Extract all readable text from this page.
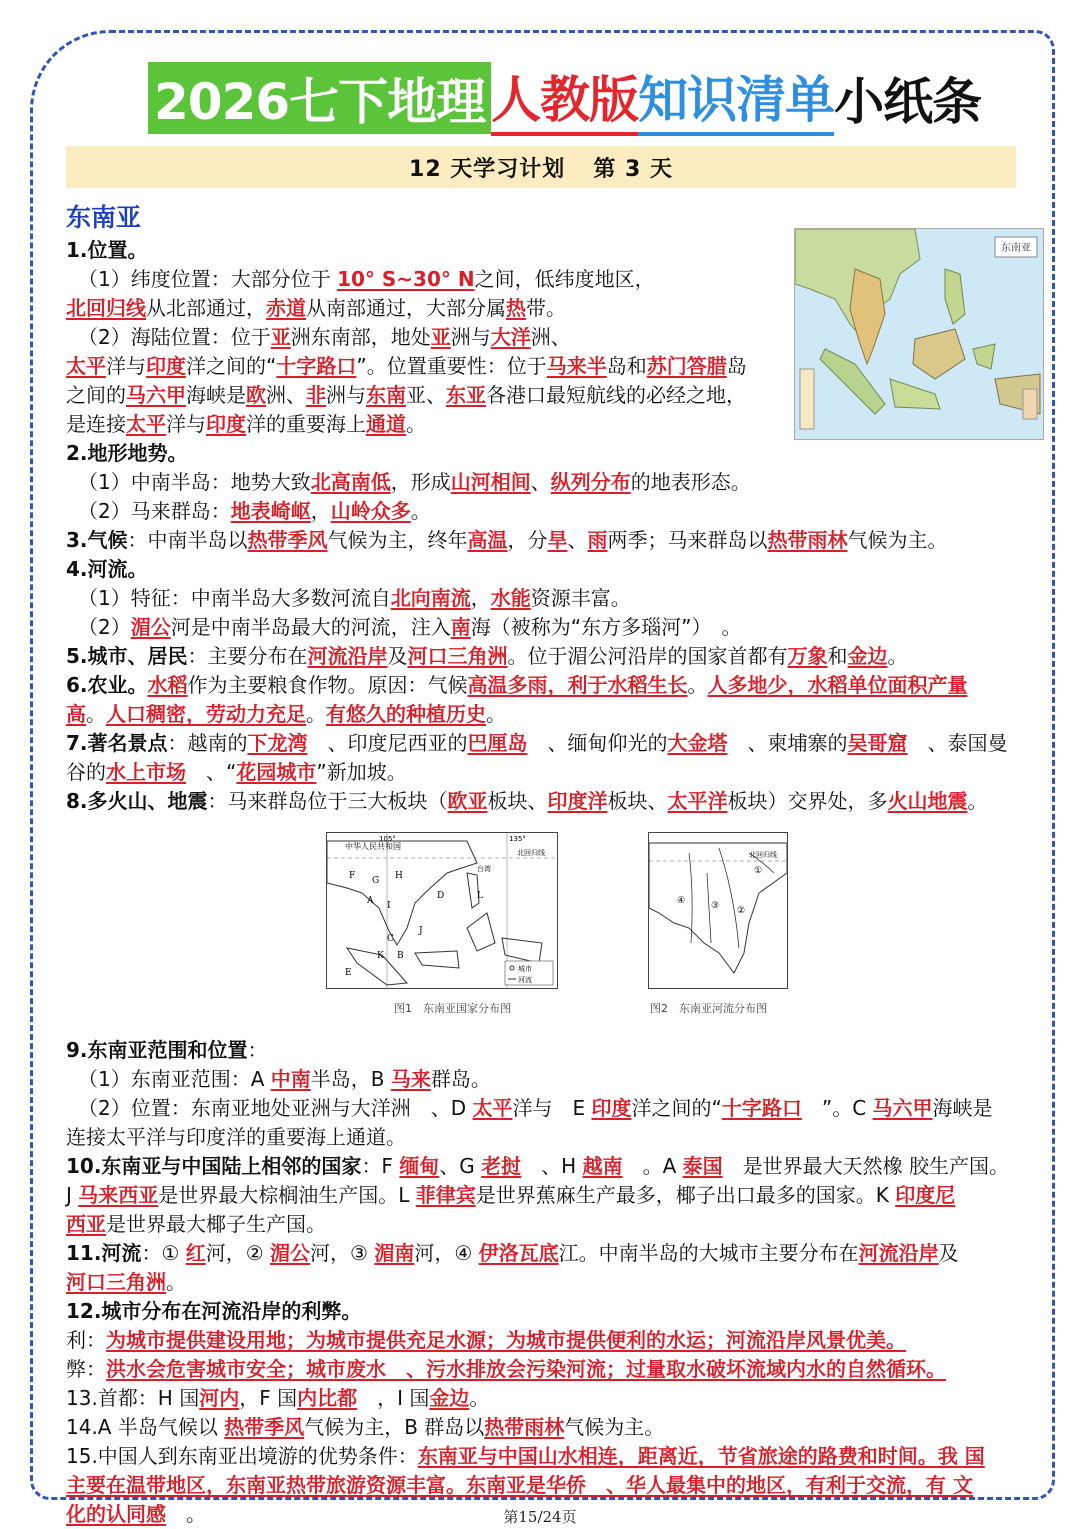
2026七下地理 人教版 知识清单 小纸条
12 天学习计划 第 3 天
东南亚
东南亚
1.位置。
（1）纬度位置：大部分位于 10° S~30° N之间，低纬度地区，
北回归线从北部通过，赤道从南部通过，大部分属热带。
（2）海陆位置：位于亚洲东南部，地处亚洲与大洋洲、
太平洋与印度洋之间的“十字路口”。位置重要性：位于马来半岛和苏门答腊岛
之间的马六甲海峡是欧洲、非洲与东南亚、东亚各港口最短航线的必经之地，
是连接太平洋与印度洋的重要海上通道。
2.地形地势。
（1）中南半岛：地势大致北高南低，形成山河相间、纵列分布的地表形态。
（2）马来群岛：地表崎岖，山岭众多。
3.气候：中南半岛以热带季风气候为主，终年高温，分旱、雨两季；马来群岛以热带雨林气候为主。
4.河流。
（1）特征：中南半岛大多数河流自北向南流，水能资源丰富。
（2）湄公河是中南半岛最大的河流，注入南海（被称为“东方多瑙河”）　。
5.城市、居民：主要分布在河流沿岸及河口三角洲。位于湄公河沿岸的国家首都有万象和金边。
6.农业。水稻作为主要粮食作物。原因：气候高温多雨，利于水稻生长。人多地少，水稻单位面积产量
高。人口稠密，劳动力充足。有悠久的种植历史。
7.著名景点：越南的下龙湾　、印度尼西亚的巴厘岛　、缅甸仰光的大金塔　、柬埔寨的吴哥窟　、泰国曼
谷的水上市场　、“花园城市”新加坡。
8.多火山、地震：马来群岛位于三大板块（欧亚板块、印度洋板块、太平洋板块）交界处，多火山地震。
9.东南亚范围和位置：
（1）东南亚范围：A 中南半岛，B 马来群岛。
（2）位置：东南亚地处亚洲与大洋洲　、D 太平洋与　E 印度洋之间的“十字路口　”。C 马六甲海峡是
连接太平洋与印度洋的重要海上通道。
10.东南亚与中国陆上相邻的国家：F 缅甸、G 老挝　、H 越南　。A 泰国　是世界最大天然橡 胶生产国。
J 马来西亚是世界最大棕榈油生产国。L 菲律宾是世界蕉麻生产最多，椰子出口最多的国家。K 印度尼
西亚是世界最大椰子生产国。
11.河流：① 红河，② 湄公河，③ 湄南河，④ 伊洛瓦底江。中南半岛的大城市主要分布在河流沿岸及
河口三角洲。
12.城市分布在河流沿岸的利弊。
利：为城市提供建设用地；为城市提供充足水源；为城市提供便利的水运；河流沿岸风景优美。
弊：洪水会危害城市安全；城市废水　、污水排放会污染河流；过量取水破坏流域内水的自然循环。
13.首都：H 国河内，F 国内比都　，I 国金边。
14.A 半岛气候以 热带季风气候为主，B 群岛以热带雨林气候为主。
15.中国人到东南亚出境游的优势条件：东南亚与中国山水相连，距离近，节省旅途的路费和时间。我 国
主要在温带地区，东南亚热带旅游资源丰富。东南亚是华侨　、华人最集中的地区，有利于交流，有 文
化的认同感　。
中华人民共和国
105°	135°
北回归线
台湾
F G H
A I
D	L
C
J
K B
E	城市
河流
图1　东南亚国家分布图
北回归线
①
②
③
④
图2　东南亚河流分布图
第15/24页
